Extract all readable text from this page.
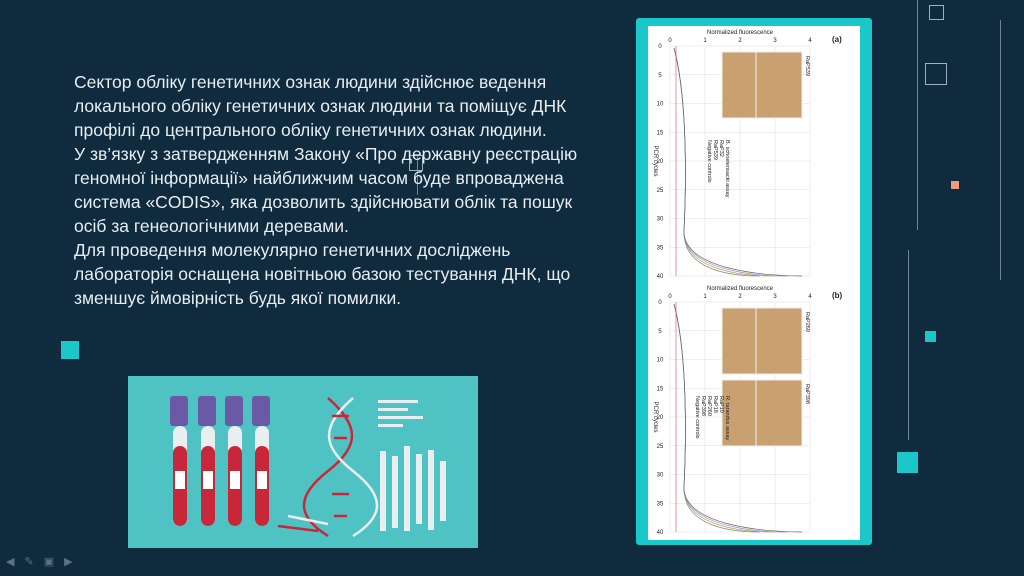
Сектор обліку генетичних ознак людини здійснює ведення локального обліку генетичних ознак людини та поміщує ДНК профілі до центрального обліку генетичних ознак людини.

У зв’язку з затвердженням Закону «Про державну реєстрацію геномної інформації» найближчим часом буде впроваджена система «CODIS», яка дозволить здійснювати облік та пошук осіб за генеологічними деревами.

Для проведення молекулярно генетичних досліджень лабораторія оснащена новітньою базою тестування ДНК, що зменшує ймовірність будь якої помилки.

Normalized fluorescence
0	1	2	3	4
0
5
10
15
20
25
30
35
40
PCR cycles
(a)
RaP539
B. schoetensacki assay
RaP32
RaP539
Negative controls
Normalized fluorescence
0	1	2	3	4
0
5
10
15
20
25
30
35
40
PCR cycles
(b)
RaP260
RaP398
R. tarandus assay
RaP10
RaP18
RaP260
RaP398
Negative controls
◀ ✎ ▣ ▶
